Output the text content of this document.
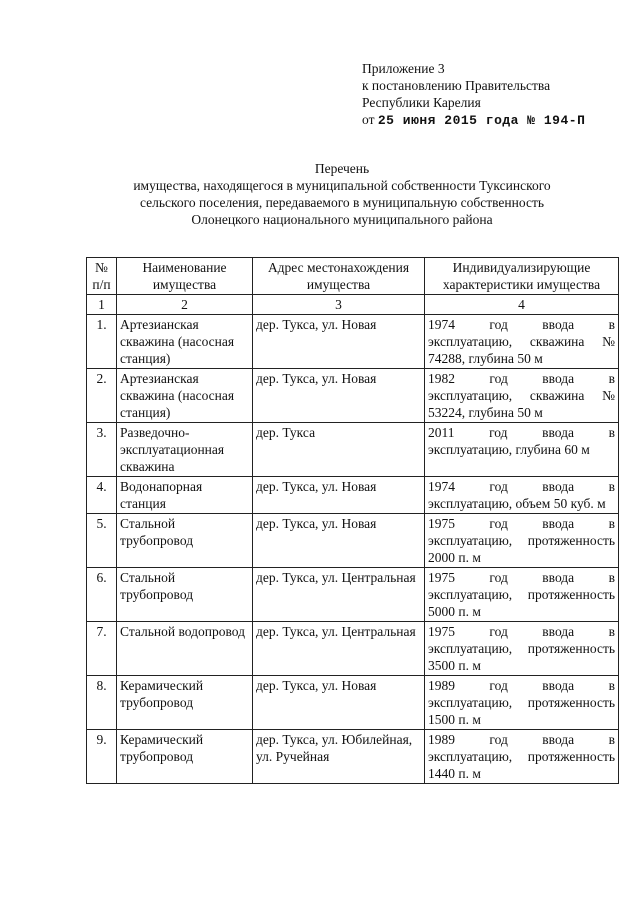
Приложение 3
к постановлению Правительства
Республики Карелия
от 25 июня 2015 года № 194-П
Перечень
имущества, находящегося в муниципальной собственности Туксинского
сельского поселения, передаваемого в муниципальную собственность
Олонецкого национального муниципального района
№ п/п	Наименование имущества	Адрес местонахождения имущества	Индивидуализирующие характеристики имущества
1	2	3	4
1.	Артезианская скважина (насосная станция)	дер. Тукса, ул. Новая	1974 год ввода в
эксплуатацию, скважина № 74288, глубина 50 м

2.	Артезианская скважина (насосная станция)	дер. Тукса, ул. Новая	1982 год ввода в
эксплуатацию, скважина № 53224, глубина 50 м

3.	Разведочно-эксплуатационная скважина	дер. Тукса	2011 год ввода в
эксплуатацию, глубина 60 м

4.	Водонапорная станция	дер. Тукса, ул. Новая	1974 год ввода в
эксплуатацию, объем 50 куб. м

5.	Стальной трубопровод	дер. Тукса, ул. Новая	1975 год ввода в
эксплуатацию, протяженность 2000 п. м

6.	Стальной трубопровод	дер. Тукса, ул. Центральная	1975 год ввода в
эксплуатацию, протяженность 5000 п. м

7.	Стальной водопровод	дер. Тукса, ул. Центральная	1975 год ввода в
эксплуатацию, протяженность 3500 п. м

8.	Керамический трубопровод	дер. Тукса, ул. Новая	1989 год ввода в
эксплуатацию, протяженность 1500 п. м

9.	Керамический трубопровод	дер. Тукса, ул. Юбилейная, ул. Ручейная	1989 год ввода в
эксплуатацию, протяженность 1440 п. м
